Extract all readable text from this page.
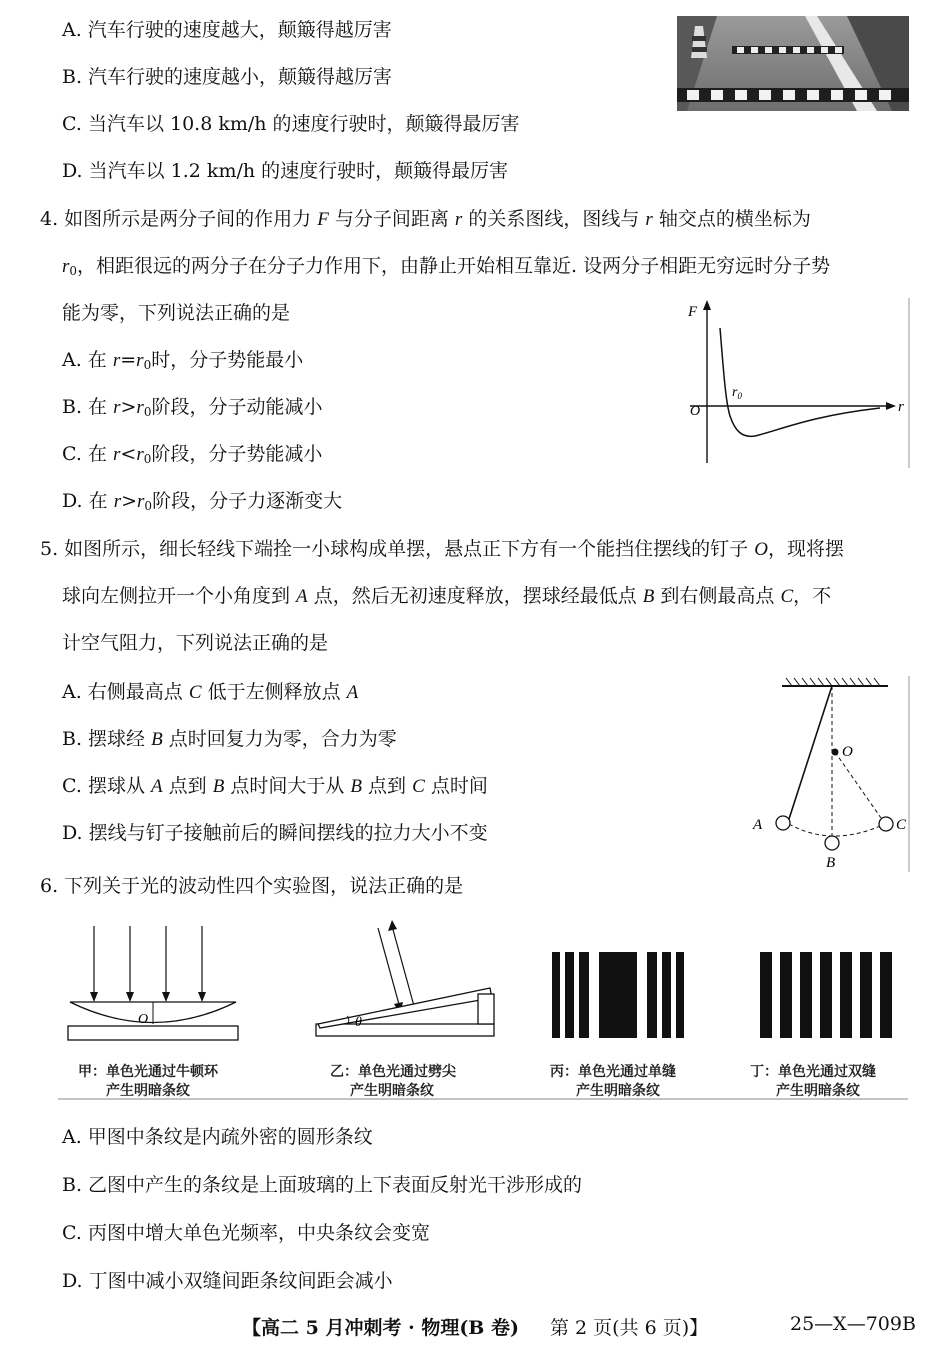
A. 汽车行驶的速度越大，颠簸得越厉害
B. 汽车行驶的速度越小，颠簸得越厉害
C. 当汽车以 10.8 km/h 的速度行驶时，颠簸得最厉害
D. 当汽车以 1.2 km/h 的速度行驶时，颠簸得最厉害
4. 如图所示是两分子间的作用力 F 与分子间距离 r 的关系图线，图线与 r 轴交点的横坐标为
$r_0$，相距很远的两分子在分子力作用下，由静止开始相互靠近. 设两分子相距无穷远时分子势
能为零，下列说法正确的是
A. 在 $r=r_0$时，分子势能最小
B. 在 $r>r_0$阶段，分子动能减小
C. 在 $r<r_0$阶段，分子势能减小
D. 在 $r>r_0$阶段，分子力逐渐变大
F
r
O
$r_0$
5. 如图所示，细长轻线下端拴一小球构成单摆，悬点正下方有一个能挡住摆线的钉子 O，现将摆
球向左侧拉开一个小角度到 A 点，然后无初速度释放，摆球经最低点 B 到右侧最高点 C，不
计空气阻力，下列说法正确的是
A. 右侧最高点 C 低于左侧释放点 A
B. 摆球经 B 点时回复力为零，合力为零
C. 摆球从 A 点到 B 点时间大于从 B 点到 C 点时间
D. 摆线与钉子接触前后的瞬间摆线的拉力大小不变
O
A
B
C
6. 下列关于光的波动性四个实验图，说法正确的是
O
甲：单色光通过牛顿环
产生明暗条纹
θ
乙：单色光通过劈尖
产生明暗条纹
丙：单色光通过单缝
产生明暗条纹
丁：单色光通过双缝
产生明暗条纹
A. 甲图中条纹是内疏外密的圆形条纹
B. 乙图中产生的条纹是上面玻璃的上下表面反射光干涉形成的
C. 丙图中增大单色光频率，中央条纹会变宽
D. 丁图中减小双缝间距条纹间距会减小
【高二 5 月冲刺考 · 物理(B 卷) 第 2 页(共 6 页)】	25—X—709B
